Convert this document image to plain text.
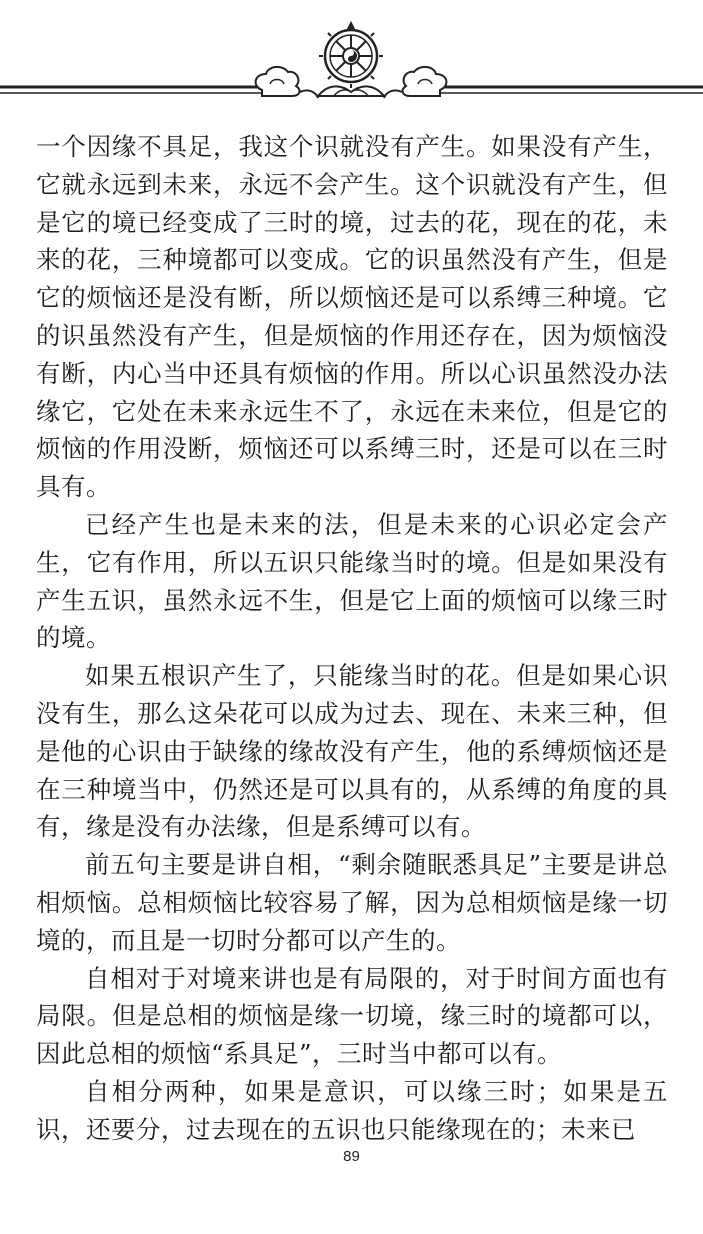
一个因缘不具足，我这个识就没有产生。如果没有产生，它就永远到未来，永远不会产生。这个识就没有产生，但是它的境已经变成了三时的境，过去的花，现在的花，未来的花，三种境都可以变成。它的识虽然没有产生，但是它的烦恼还是没有断，所以烦恼还是可以系缚三种境。它的识虽然没有产生，但是烦恼的作用还存在，因为烦恼没有断，内心当中还具有烦恼的作用。所以心识虽然没办法缘它，它处在未来永远生不了，永远在未来位，但是它的烦恼的作用没断，烦恼还可以系缚三时，还是可以在三时具有。

已经产生也是未来的法，但是未来的心识必定会产生，它有作用，所以五识只能缘当时的境。但是如果没有产生五识，虽然永远不生，但是它上面的烦恼可以缘三时的境。

如果五根识产生了，只能缘当时的花。但是如果心识没有生，那么这朵花可以成为过去、现在、未来三种，但是他的心识由于缺缘的缘故没有产生，他的系缚烦恼还是在三种境当中，仍然还是可以具有的，从系缚的角度的具有，缘是没有办法缘，但是系缚可以有。

前五句主要是讲自相，“剩余随眠悉具足”主要是讲总相烦恼。总相烦恼比较容易了解，因为总相烦恼是缘一切境的，而且是一切时分都可以产生的。

自相对于对境来讲也是有局限的，对于时间方面也有局限。但是总相的烦恼是缘一切境，缘三时的境都可以，因此总相的烦恼“系具足”，三时当中都可以有。

自相分两种，如果是意识，可以缘三时；如果是五识，还要分，过去现在的五识也只能缘现在的；未来已

89
